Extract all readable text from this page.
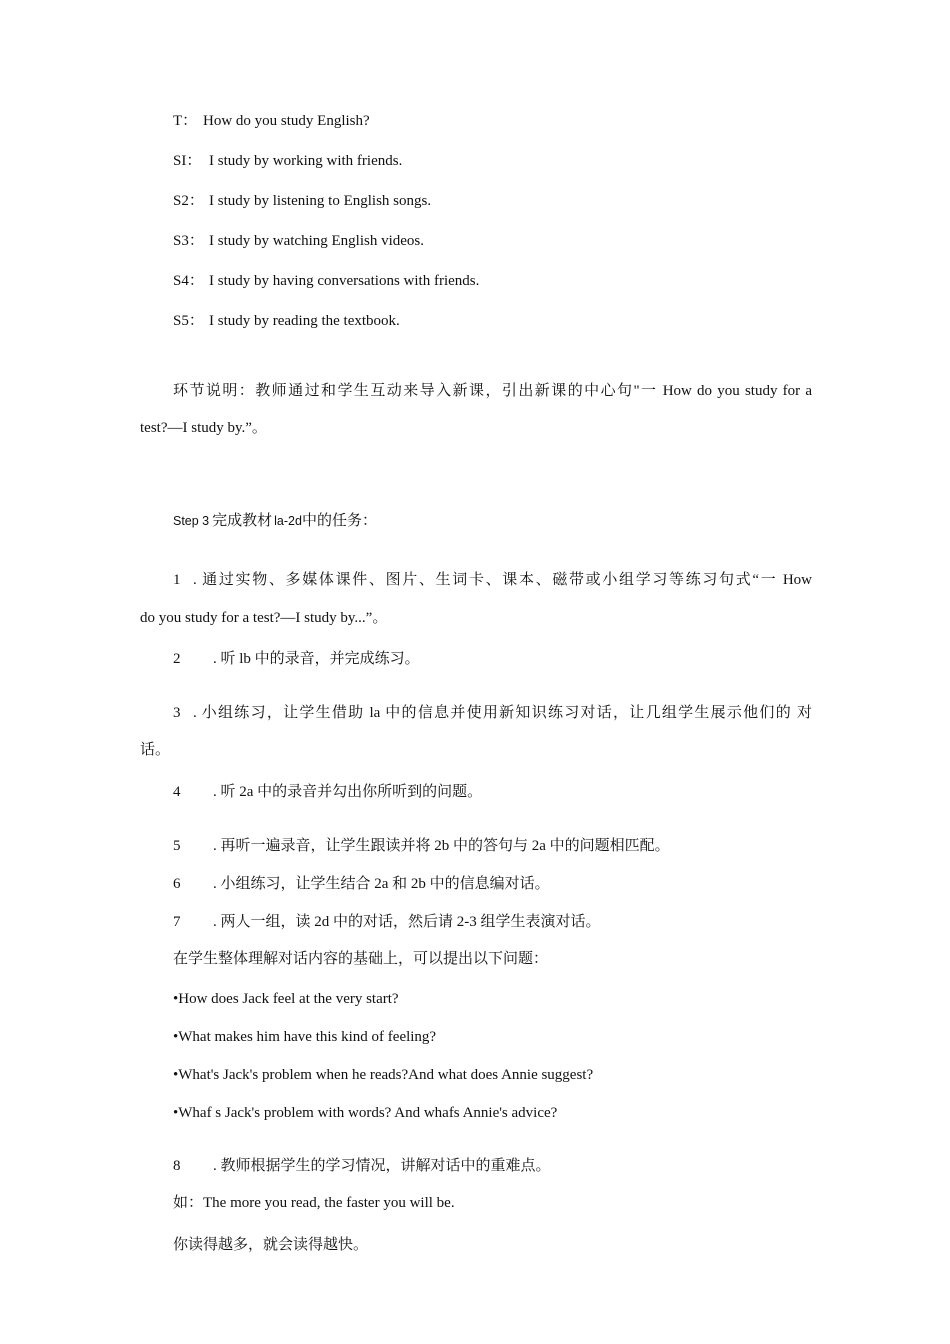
T： How do you study English?
SI： I study by working with friends.
S2： I study by listening to English songs.
S3： I study by watching English videos.
S4： I study by having conversations with friends.
S5： I study by reading the textbook.
环节说明：教师通过和学生互动来导入新课，引出新课的中心句"一 How do you study for a
test?—I study by.”。
Step 3 完成教材 la-2d中的任务：
1 . 通过实物、多媒体课件、图片、生词卡、课本、磁带或小组学习等练习句式“一 How
do you study for a test?—I study by...”。
2 . 听 lb 中的录音，并完成练习。
3 . 小组练习，让学生借助 la 中的信息并使用新知识练习对话，让几组学生展示他们的 对
话。
4 . 听 2a 中的录音并勾出你所听到的问题。
5 . 再听一遍录音，让学生跟读并将 2b 中的答句与 2a 中的问题相匹配。
6 . 小组练习，让学生结合 2a 和 2b 中的信息编对话。
7 . 两人一组，读 2d 中的对话，然后请 2-3 组学生表演对话。
在学生整体理解对话内容的基础上，可以提出以下问题：
•How does Jack feel at the very start?
•What makes him have this kind of feeling?
•What's Jack's problem when he reads?And what does Annie suggest?
•Whaf s Jack's problem with words? And whafs Annie's advice?
8 . 教师根据学生的学习情况，讲解对话中的重难点。
如：The more you read, the faster you will be.
你读得越多，就会读得越快。
